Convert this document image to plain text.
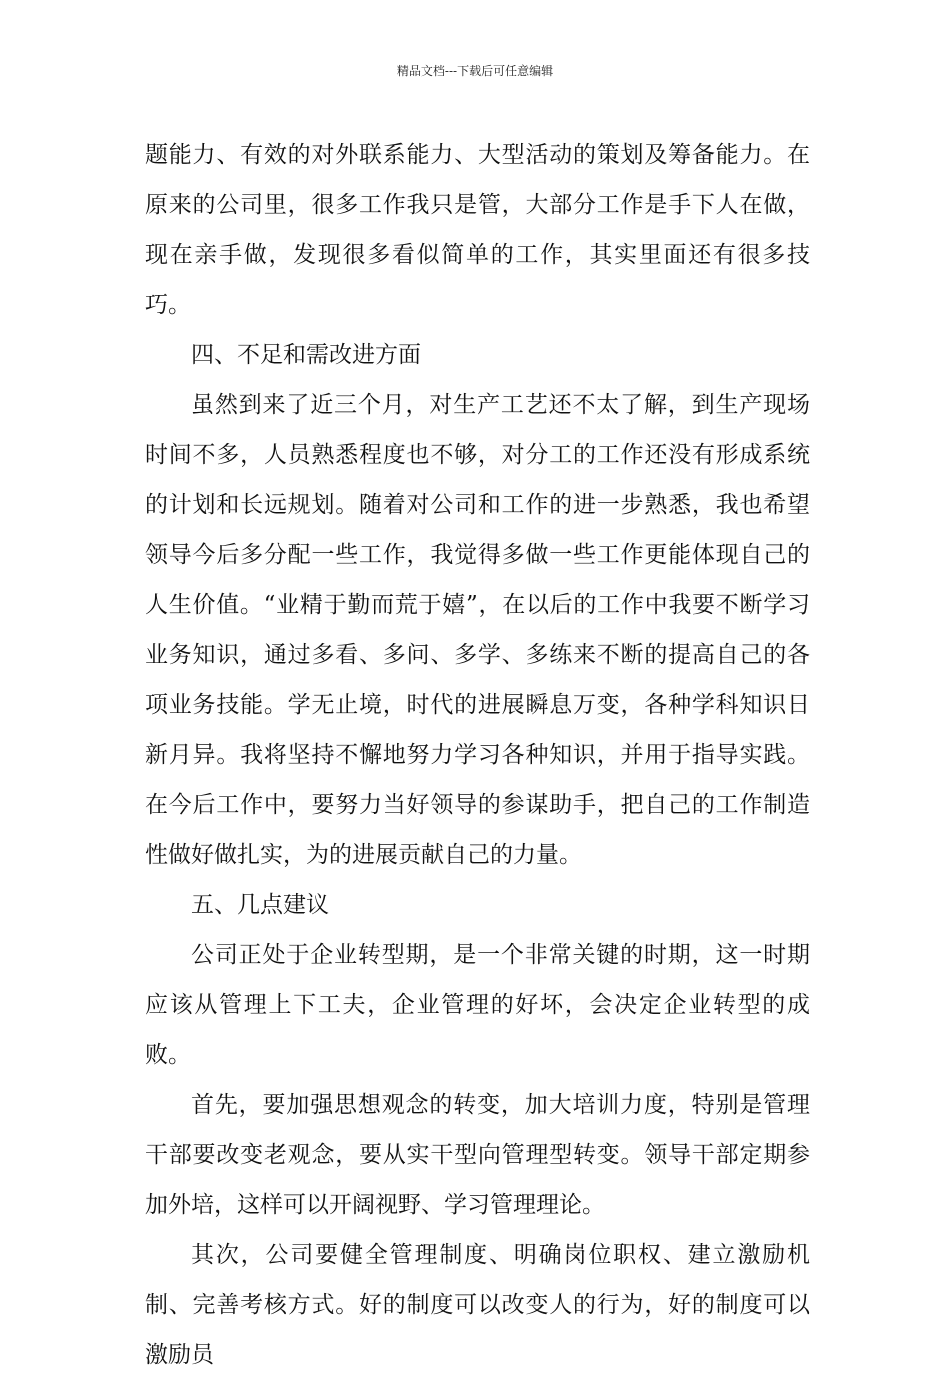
精品文档---下载后可任意编辑

题能力、有效的对外联系能力、大型活动的策划及筹备能力。在原来的公司里，很多工作我只是管，大部分工作是手下人在做，现在亲手做，发现很多看似简单的工作，其实里面还有很多技巧。

四、不足和需改进方面

虽然到来了近三个月，对生产工艺还不太了解，到生产现场时间不多，人员熟悉程度也不够，对分工的工作还没有形成系统的计划和长远规划。随着对公司和工作的进一步熟悉，我也希望领导今后多分配一些工作，我觉得多做一些工作更能体现自己的人生价值。“业精于勤而荒于嬉”，在以后的工作中我要不断学习业务知识，通过多看、多问、多学、多练来不断的提高自己的各项业务技能。学无止境，时代的进展瞬息万变，各种学科知识日新月异。我将坚持不懈地努力学习各种知识，并用于指导实践。在今后工作中，要努力当好领导的参谋助手，把自己的工作制造性做好做扎实，为的进展贡献自己的力量。

五、几点建议

公司正处于企业转型期，是一个非常关键的时期，这一时期应该从管理上下工夫，企业管理的好坏，会决定企业转型的成败。

首先，要加强思想观念的转变，加大培训力度，特别是管理干部要改变老观念，要从实干型向管理型转变。领导干部定期参加外培，这样可以开阔视野、学习管理理论。

其次，公司要健全管理制度、明确岗位职权、建立激励机制、完善考核方式。好的制度可以改变人的行为，好的制度可以激励员
